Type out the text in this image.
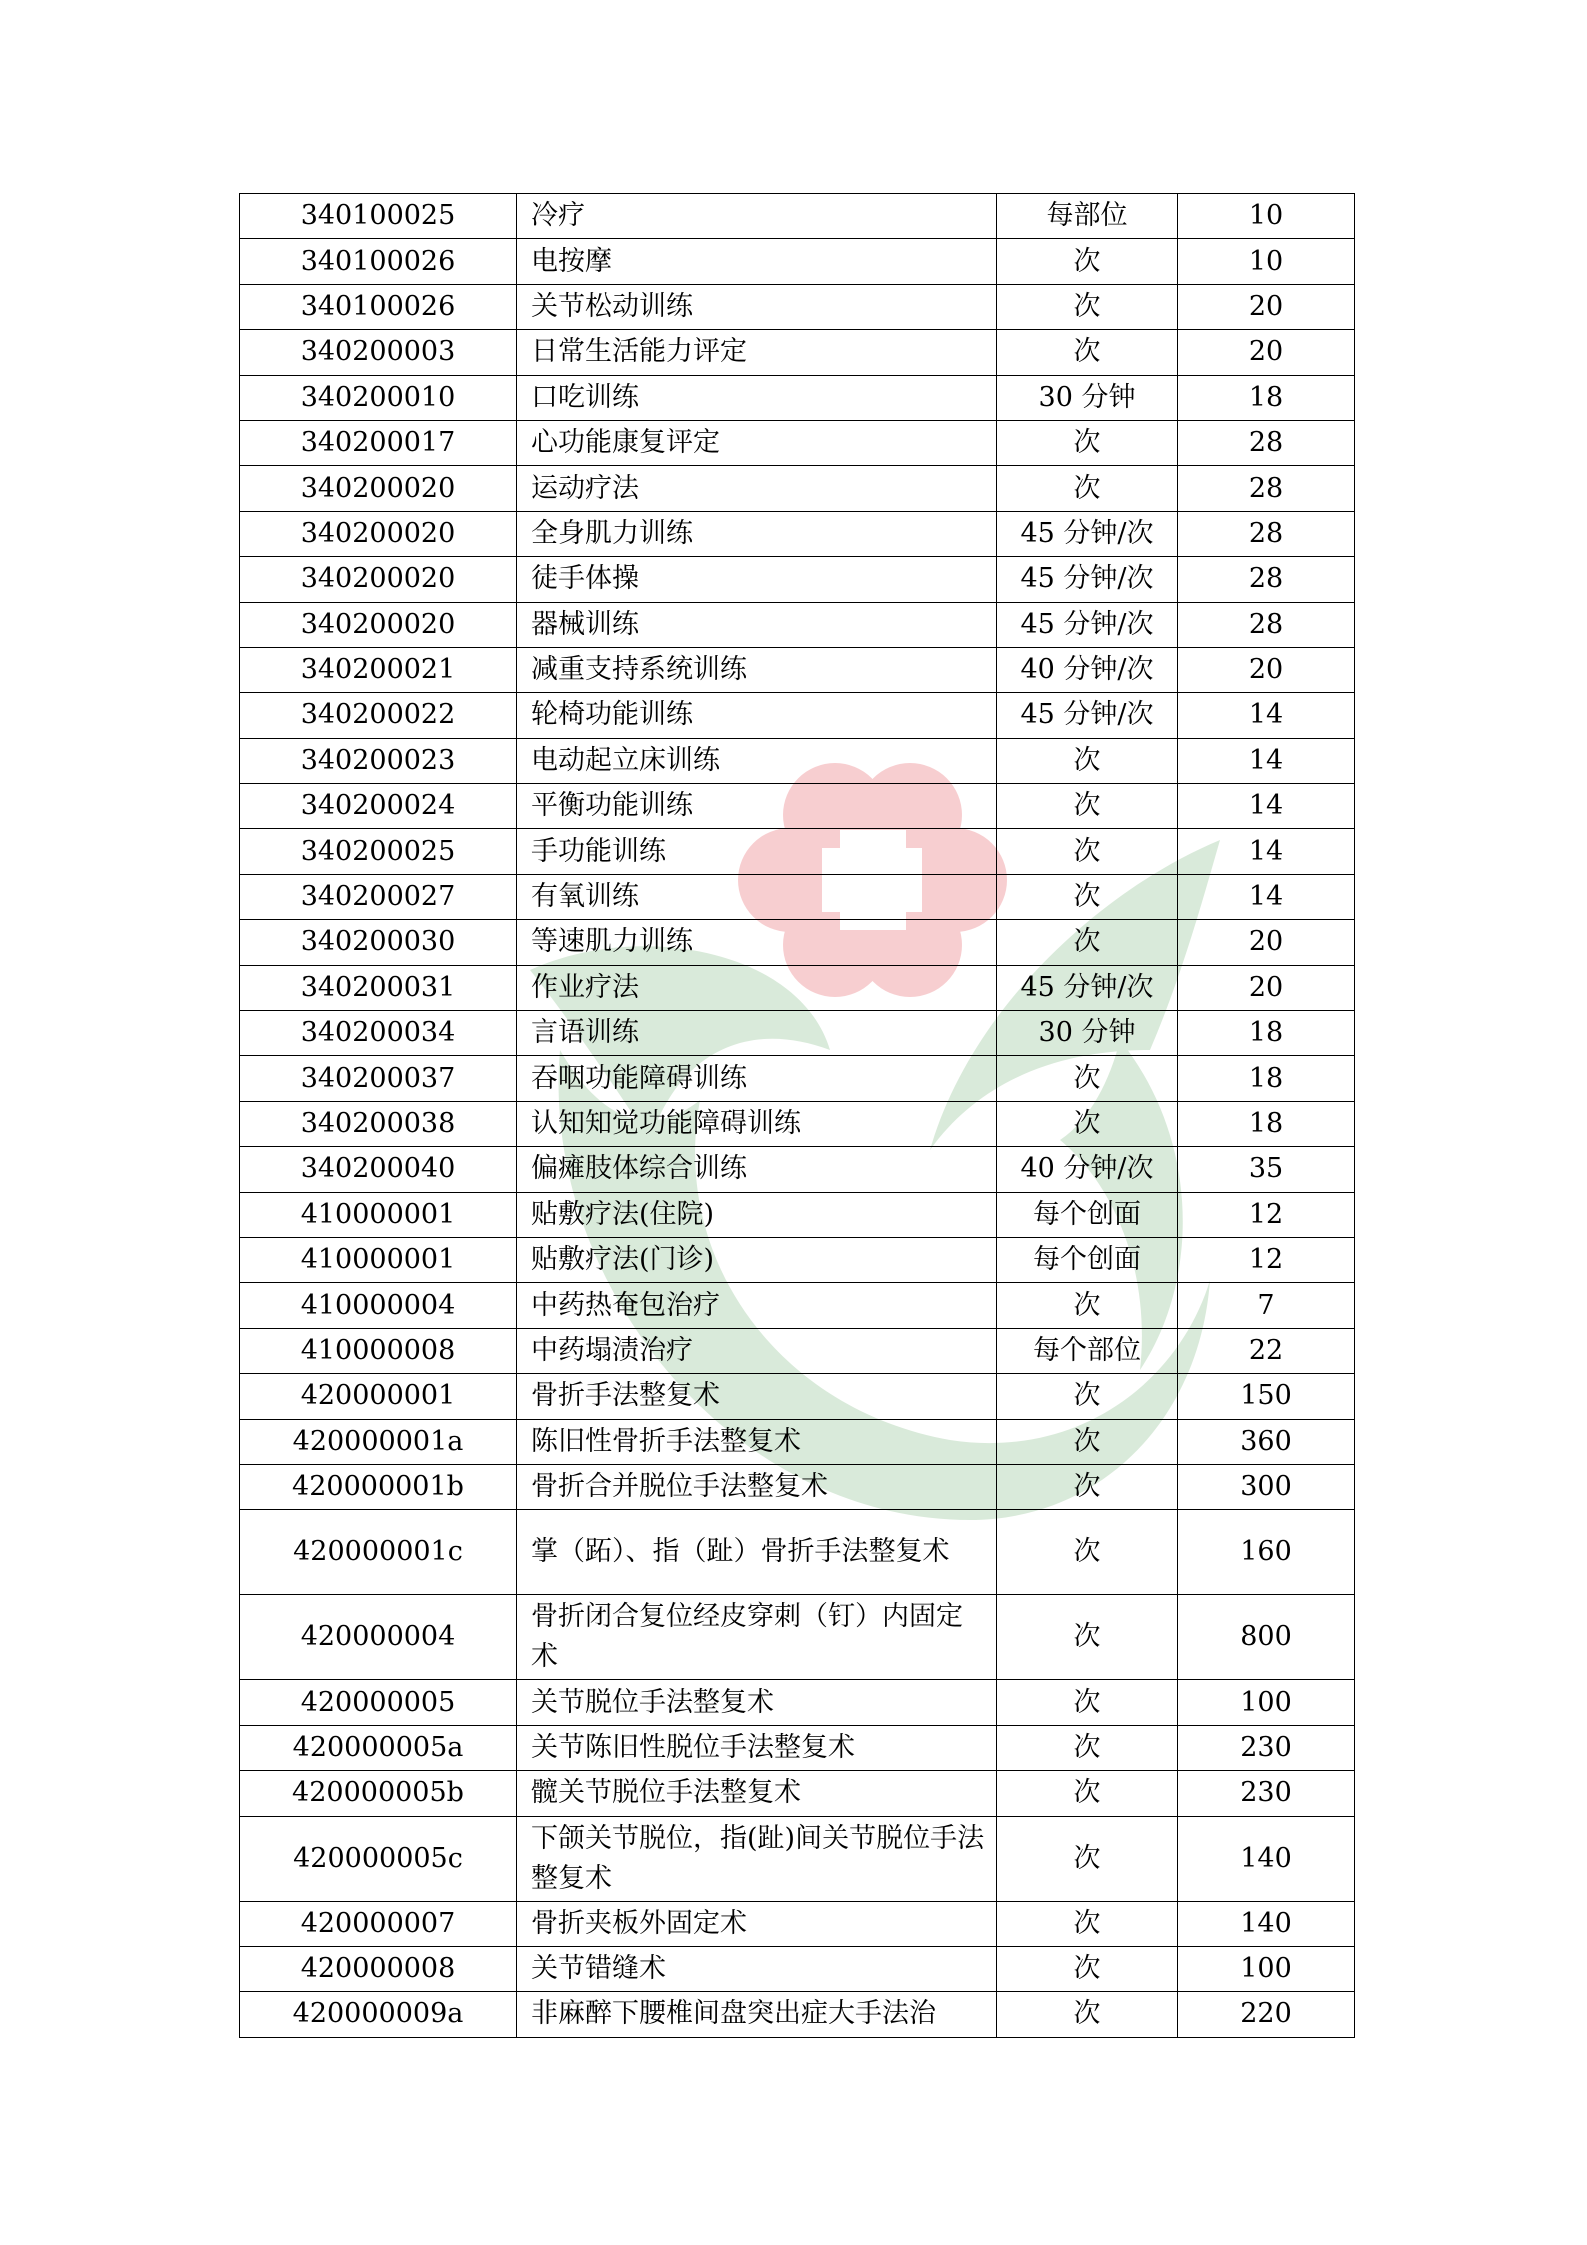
340100025	冷疗	每部位	10
340100026	电按摩	次	10
340100026	关节松动训练	次	20
340200003	日常生活能力评定	次	20
340200010	口吃训练	30 分钟	18
340200017	心功能康复评定	次	28
340200020	运动疗法	次	28
340200020	全身肌力训练	45 分钟/次	28
340200020	徒手体操	45 分钟/次	28
340200020	器械训练	45 分钟/次	28
340200021	减重支持系统训练	40 分钟/次	20
340200022	轮椅功能训练	45 分钟/次	14
340200023	电动起立床训练	次	14
340200024	平衡功能训练	次	14
340200025	手功能训练	次	14
340200027	有氧训练	次	14
340200030	等速肌力训练	次	20
340200031	作业疗法	45 分钟/次	20
340200034	言语训练	30 分钟	18
340200037	吞咽功能障碍训练	次	18
340200038	认知知觉功能障碍训练	次	18
340200040	偏瘫肢体综合训练	40 分钟/次	35
410000001	贴敷疗法(住院)	每个创面	12
410000001	贴敷疗法(门诊)	每个创面	12
410000004	中药热奄包治疗	次	7
410000008	中药塌渍治疗	每个部位	22
420000001	骨折手法整复术	次	150
420000001a	陈旧性骨折手法整复术	次	360
420000001b	骨折合并脱位手法整复术	次	300
420000001c	掌（跖）、指（趾）骨折手法整复术	次	160
420000004	骨折闭合复位经皮穿刺（钉）内固定术	次	800
420000005	关节脱位手法整复术	次	100
420000005a	关节陈旧性脱位手法整复术	次	230
420000005b	髋关节脱位手法整复术	次	230
420000005c	下颌关节脱位，指(趾)间关节脱位手法整复术	次	140
420000007	骨折夹板外固定术	次	140
420000008	关节错缝术	次	100
420000009a	非麻醉下腰椎间盘突出症大手法治	次	220
